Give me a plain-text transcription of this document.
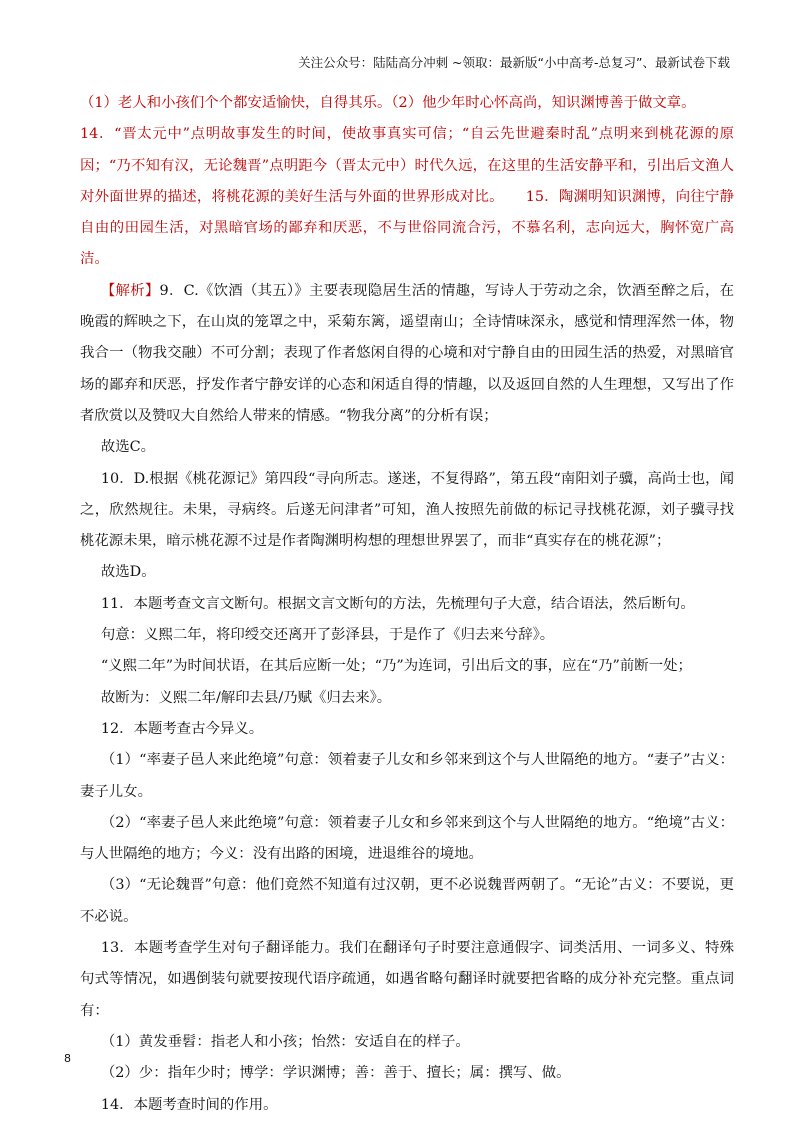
关注公众号：陆陆高分冲刺 ~领取：最新版“小中高考-总复习”、最新试卷下载

（1）老人和小孩们个个都安适愉快，自得其乐。（2）他少年时心怀高尚，知识渊博善于做文章。

14．“晋太元中”点明故事发生的时间，使故事真实可信；“自云先世避秦时乱”点明来到桃花源的原因；“乃不知有汉，无论魏晋”点明距今（晋太元中）时代久远，在这里的生活安静平和，引出后文渔人对外面世界的描述，将桃花源的美好生活与外面的世界形成对比。　　15．陶渊明知识渊博，向往宁静自由的田园生活，对黑暗官场的鄙弃和厌恶，不与世俗同流合污，不慕名利，志向远大，胸怀宽广高洁。

【解析】9．C.《饮酒（其五）》主要表现隐居生活的情趣，写诗人于劳动之余，饮酒至醉之后，在晚霞的辉映之下，在山岚的笼罩之中，采菊东篱，遥望南山；全诗情味深永，感觉和情理浑然一体，物我合一（物我交融）不可分割；表现了作者悠闲自得的心境和对宁静自由的田园生活的热爱，对黑暗官场的鄙弃和厌恶，抒发作者宁静安详的心态和闲适自得的情趣，以及返回自然的人生理想，又写出了作者欣赏以及赞叹大自然给人带来的情感。“物我分离”的分析有误；

故选C。

10．D.根据《桃花源记》第四段“寻向所志。遂迷，不复得路”，第五段“南阳刘子骥，高尚士也，闻之，欣然规往。未果，寻病终。后遂无问津者”可知，渔人按照先前做的标记寻找桃花源，刘子骥寻找桃花源未果，暗示桃花源不过是作者陶渊明构想的理想世界罢了，而非“真实存在的桃花源”；

故选D。

11．本题考查文言文断句。根据文言文断句的方法，先梳理句子大意，结合语法，然后断句。

句意：义熙二年，将印绶交还离开了彭泽县，于是作了《归去来兮辞》。

“义熙二年”为时间状语，在其后应断一处；“乃”为连词，引出后文的事，应在“乃”前断一处；

故断为：义熙二年/解印去县/乃赋《归去来》。

12．本题考查古今异义。

（1）“率妻子邑人来此绝境”句意：领着妻子儿女和乡邻来到这个与人世隔绝的地方。“妻子”古义：妻子儿女。

（2）“率妻子邑人来此绝境”句意：领着妻子儿女和乡邻来到这个与人世隔绝的地方。“绝境”古义：与人世隔绝的地方；今义：没有出路的困境，进退维谷的境地。

（3）“无论魏晋”句意：他们竟然不知道有过汉朝，更不必说魏晋两朝了。“无论”古义：不要说，更不必说。

13．本题考查学生对句子翻译能力。我们在翻译句子时要注意通假字、词类活用、一词多义、特殊句式等情况，如遇倒装句就要按现代语序疏通，如遇省略句翻译时就要把省略的成分补充完整。重点词有：

（1）黄发垂髫：指老人和小孩；怡然：安适自在的样子。

（2）少：指年少时；博学：学识渊博；善：善于、擅长；属：撰写、做。

14．本题考查时间的作用。

8
